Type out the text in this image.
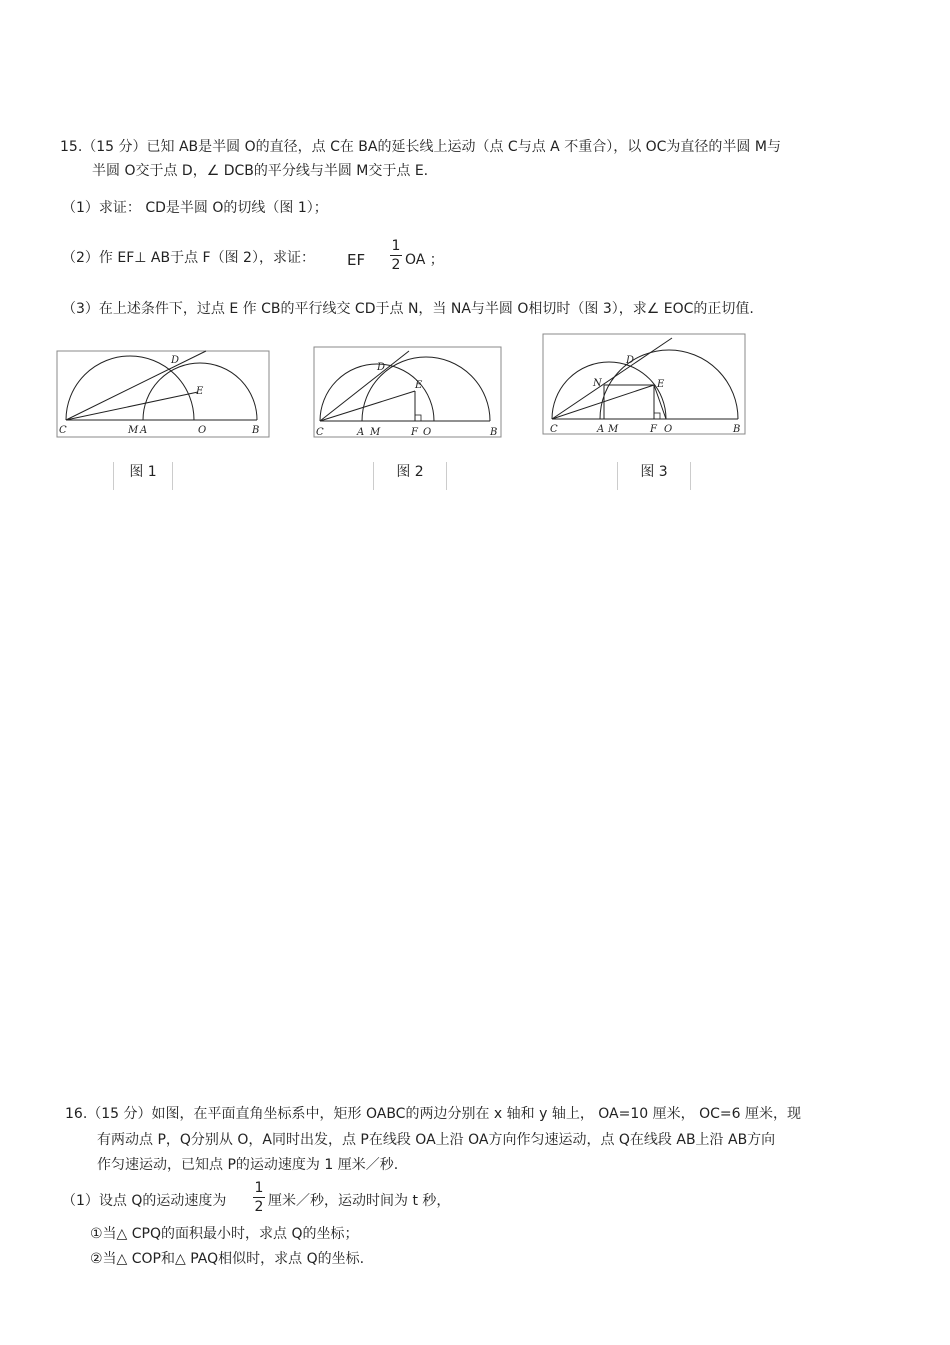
15.（15 分）已知 AB是半圆 O的直径，点 C在 BA的延长线上运动（点 C与点 A 不重合），以 OC为直径的半圆 M与
半圆 O交于点 D，∠ DCB的平分线与半圆 M交于点 E.
（1）求证： CD是半圆 O的切线（图 1）；
（2）作 EF⊥ AB于点 F（图 2），求证： EF
1
2 OA ；
（3）在上述条件下，过点 E 作 CB的平行线交 CD于点 N，当 NA与半圆 O相切时（图 3），求∠ EOC的正切值.
C	M A	O	B
D
E
图 1
C	A M	F O	B
D
E
图 2
C	A M	F O	B
D
N	E
图 3
16.（15 分）如图，在平面直角坐标系中，矩形 OABC的两边分别在 x 轴和 y 轴上， OA=10 厘米， OC=6 厘米，现
有两动点 P，Q分别从 O，A同时出发，点 P在线段 OA上沿 OA方向作匀速运动，点 Q在线段 AB上沿 AB方向
作匀速运动，已知点 P的运动速度为 1 厘米／秒.
（1）设点 Q的运动速度为
1
2 厘米／秒，运动时间为 t 秒，
①当△ CPQ的面积最小时，求点 Q的坐标；
②当△ COP和△ PAQ相似时，求点 Q的坐标.
